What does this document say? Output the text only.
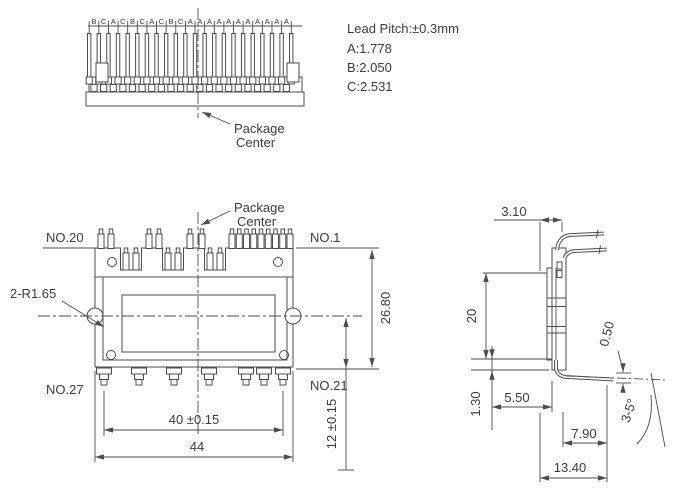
B C A C B C A C B C A A A A A A A A A A A
Package
Center
Lead Pitch:±0.3mm
A:1.778
B:2.050
C:2.531
Package
Center
NO.20	NO.1
NO.27	NO.21
2-R1.65	26.80
12 ±0.15
40 ±0.15
44
3.10
20
1.30 5.50
0.50
3-5°
7.90
13.40
